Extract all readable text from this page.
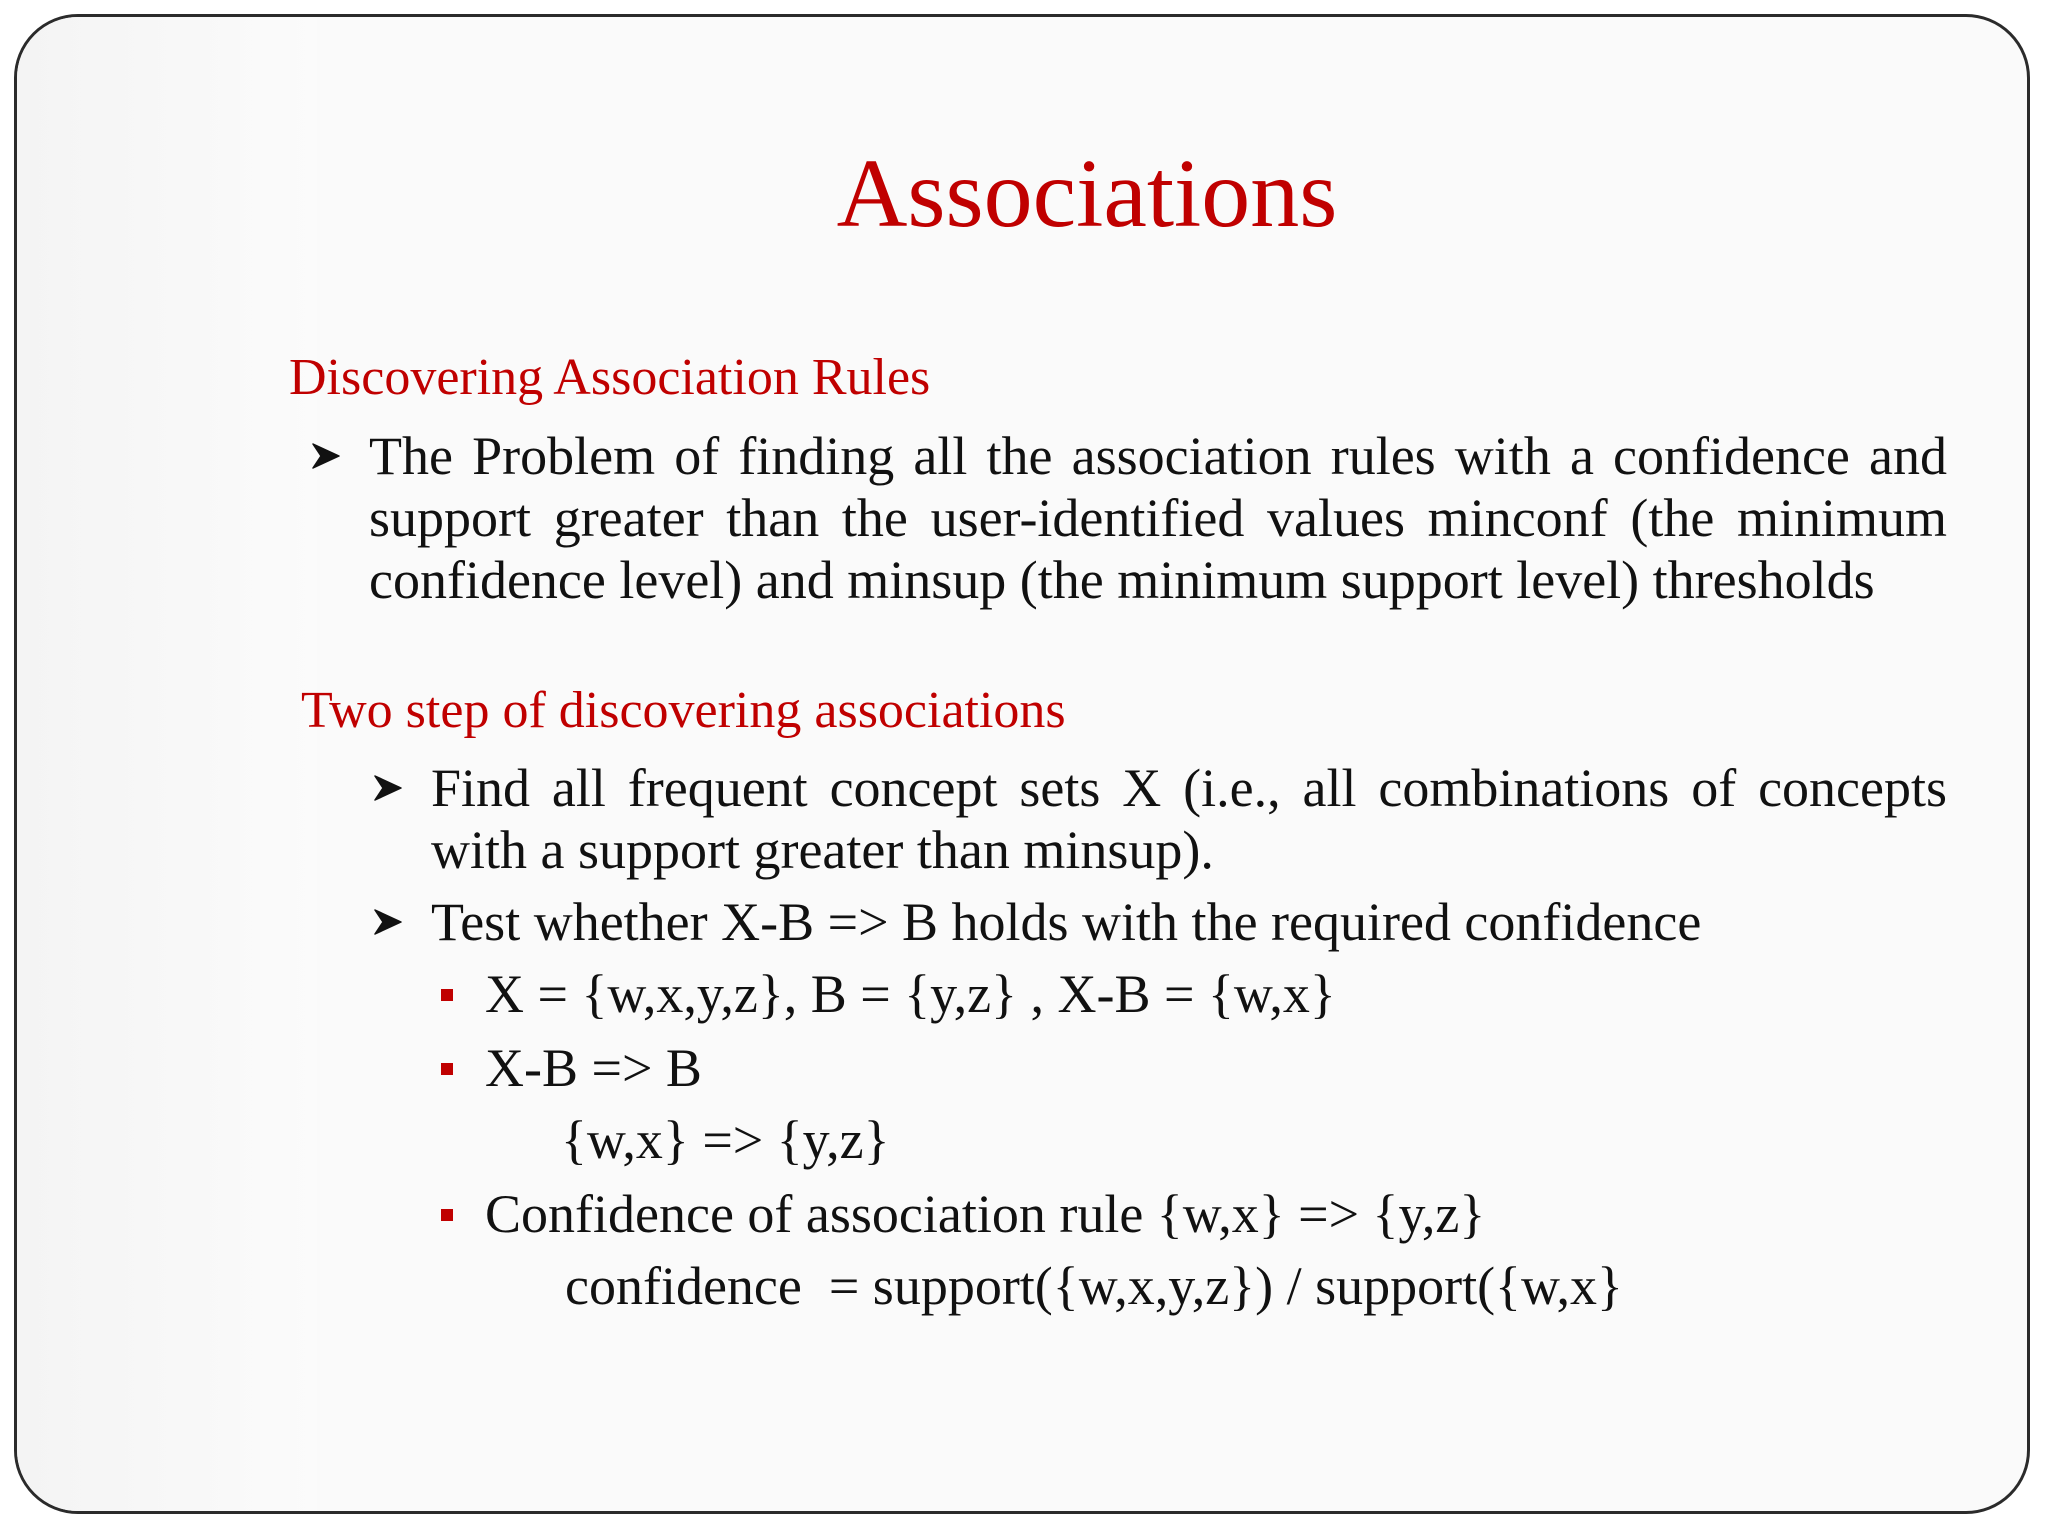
Associations
Discovering Association Rules
The Problem of finding all the association rules with a confidence and support greater than the user-identified values minconf (the minimum confidence level) and minsup (the minimum support level) thresholds
Two step of discovering associations
Find all frequent concept sets X (i.e., all combinations of concepts with a support greater than minsup).
Test whether X-B => B holds with the required confidence
X = {w,x,y,z}, B = {y,z} , X-B = {w,x}
X-B => B
{w,x} => {y,z}
Confidence of association rule {w,x} => {y,z}
confidence  = support({w,x,y,z}) / support({w,x}
